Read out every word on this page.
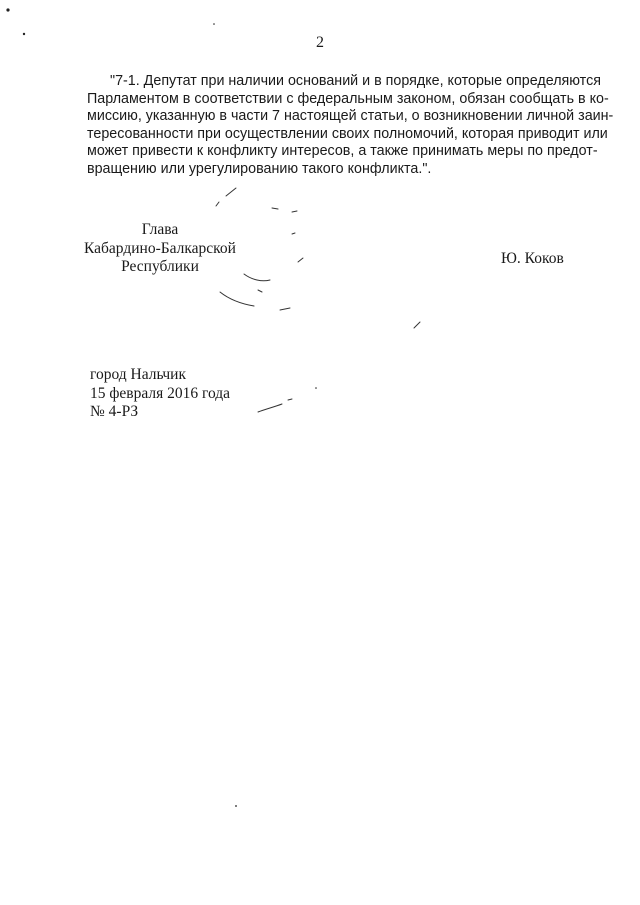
2

"7-1. Депутат при наличии оснований и в порядке, которые определяются
Парламентом в соответствии с федеральным законом, обязан сообщать в ко-
миссию, указанную в части 7 настоящей статьи, о возникновении личной заин-
тересованности при осуществлении своих полномочий, которая приводит или
может привести к конфликту интересов, а также принимать меры по предот-
вращению или урегулированию такого конфликта.".

Глава
Кабардино-Балкарской
Республики	Ю. Коков
город Нальчик
15 февраля 2016 года
№ 4-РЗ
